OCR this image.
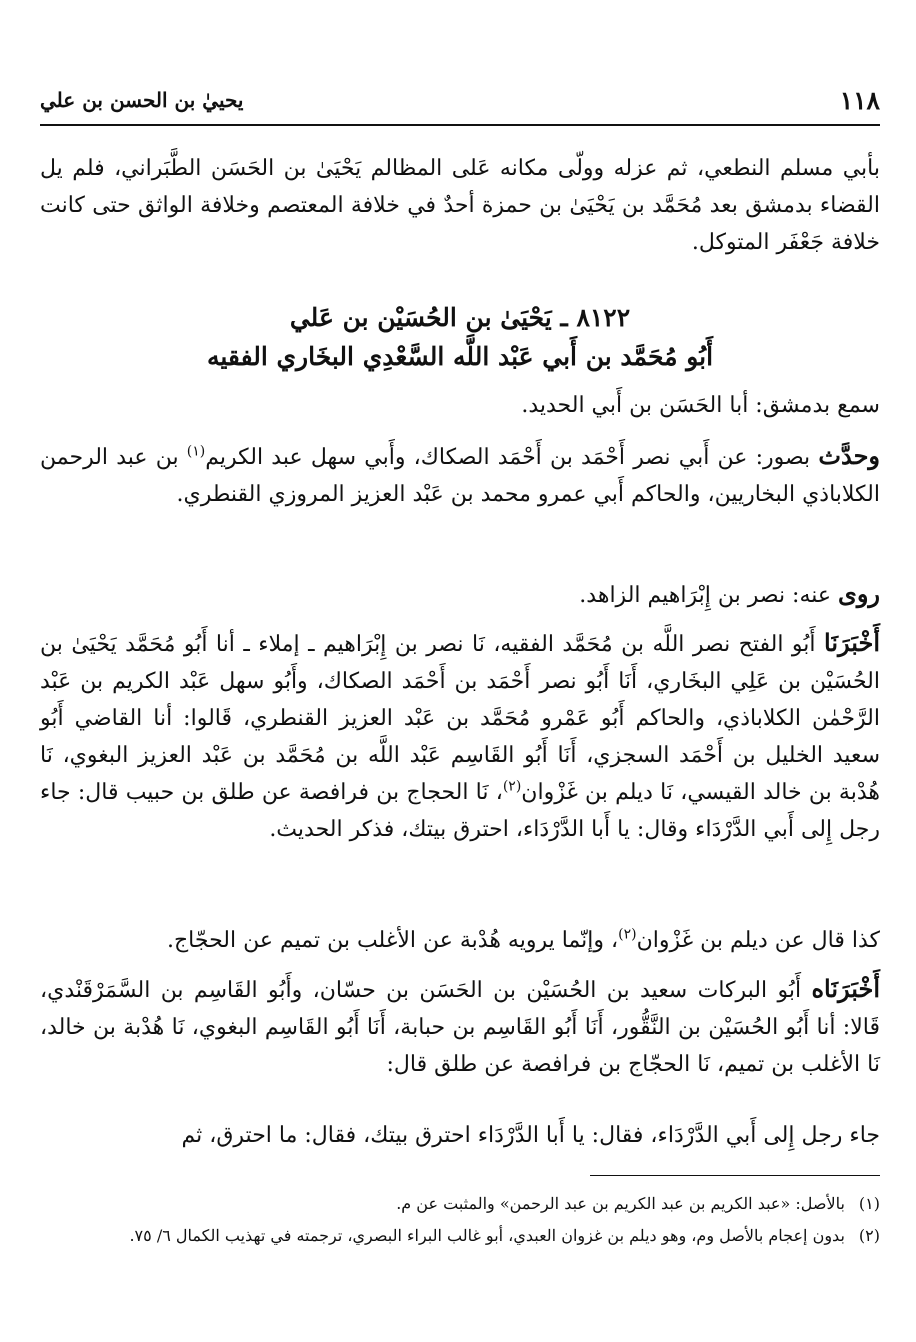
١١٨
يحييٰ بن الحسن بن علي
بأبي مسلم النطعي، ثم عزله وولّى مكانه عَلى المظالم يَحْيَىٰ بن الحَسَن الطَّبَراني، فلم يل القضاء بدمشق بعد مُحَمَّد بن يَحْيَىٰ بن حمزة أحدٌ في خلافة المعتصم وخلافة الواثق حتى كانت خلافة جَعْفَر المتوكل.
٨١٢٢ ـ يَحْيَىٰ بن الحُسَيْن بن عَلي
أَبُو مُحَمَّد بن أَبي عَبْد اللَّه السَّعْدِي البخَاري الفقيه
سمع بدمشق: أبا الحَسَن بن أَبي الحديد.
وحدَّث بصور: عن أَبي نصر أَحْمَد بن أَحْمَد الصكاك، وأَبي سهل عبد الكريم$^{(١)}$ بن عبد الرحمن الكلاباذي البخاريين، والحاكم أَبي عمرو محمد بن عَبْد العزيز المروزي القنطري.
روى عنه: نصر بن إِبْرَاهيم الزاهد.
أَخْبَرَنَا أَبُو الفتح نصر اللَّه بن مُحَمَّد الفقيه، نَا نصر بن إِبْرَاهيم ـ إملاء ـ أنا أَبُو مُحَمَّد يَحْيَىٰ بن الحُسَيْن بن عَلِي البخَاري، أَنَا أَبُو نصر أَحْمَد بن أَحْمَد الصكاك، وأَبُو سهل عَبْد الكريم بن عَبْد الرَّحْمٰن الكلاباذي، والحاكم أَبُو عَمْرو مُحَمَّد بن عَبْد العزيز القنطري، قَالوا: أنا القاضي أَبُو سعيد الخليل بن أَحْمَد السجزي، أَنَا أَبُو القَاسِم عَبْد اللَّه بن مُحَمَّد بن عَبْد العزيز البغوي، نَا هُدْبة بن خالد القيسي، نَا ديلم بن غَزْوان$^{(٢)}$، نَا الحجاج بن فرافصة عن طلق بن حبيب قال: جاء رجل إِلى أَبي الدَّرْدَاء وقال: يا أَبا الدَّرْدَاء، احترق بيتك، فذكر الحديث.
كذا قال عن ديلم بن غَزْوان$^{(٢)}$، وإنّما يرويه هُدْبة عن الأغلب بن تميم عن الحجّاج.
أَخْبَرَنَاه أَبُو البركات سعيد بن الحُسَيْن بن الحَسَن بن حسّان، وأَبُو القَاسِم بن السَّمَرْقَنْدي، قَالا: أنا أَبُو الحُسَيْن بن النَّقُّور، أَنَا أَبُو القَاسِم بن حبابة، أَنَا أَبُو القَاسِم البغوي، نَا هُدْبة بن خالد، نَا الأغلب بن تميم، نَا الحجّاج بن فرافصة عن طلق قال:
جاء رجل إِلى أَبي الدَّرْدَاء، فقال: يا أَبا الدَّرْدَاء احترق بيتك، فقال: ما احترق، ثم
(١)بالأصل: «عبد الكريم بن عبد الكريم بن عبد الرحمن» والمثبت عن م.
(٢)بدون إعجام بالأصل وم، وهو ديلم بن غزوان العبدي، أبو غالب البراء البصري، ترجمته في تهذيب الكمال ٦/ ٧٥.
